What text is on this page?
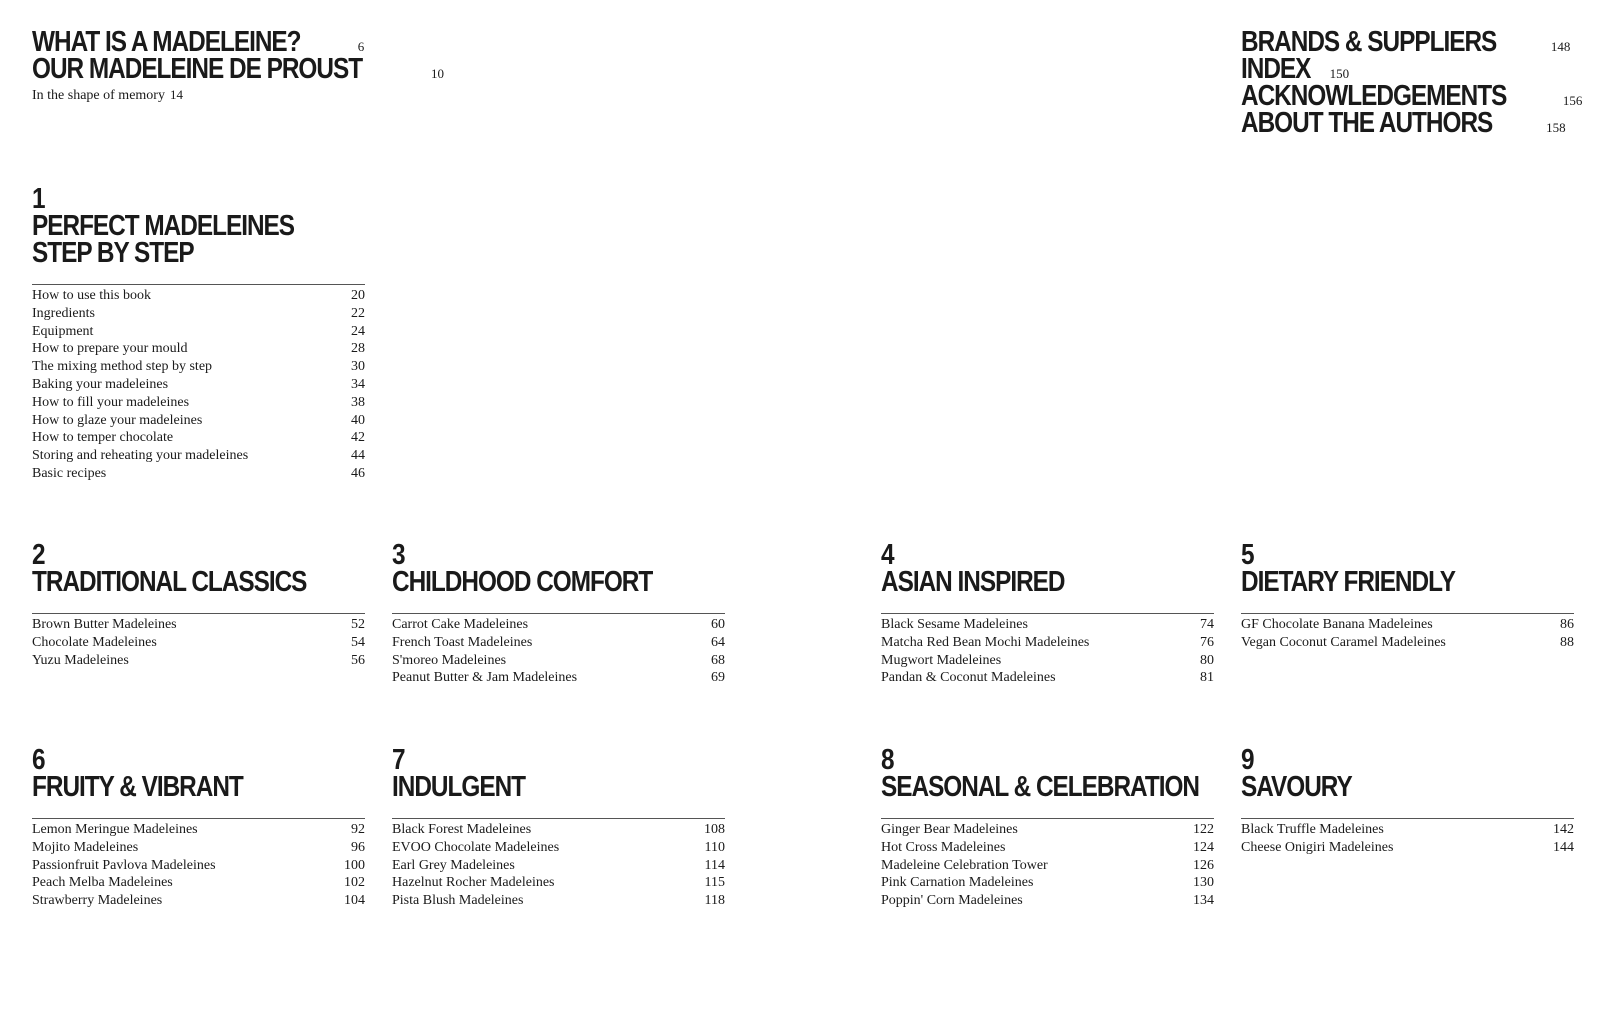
WHAT IS A MADELEINE?	6
OUR MADELEINE DE PROUST	10
In the shape of memory 14
BRANDS & SUPPLIERS	148
INDEX 150
ACKNOWLEDGEMENTS	156
ABOUT THE AUTHORS	158
1
PERFECT MADELEINES
STEP BY STEP
How to use this book	20
Ingredients	22
Equipment	24
How to prepare your mould	28
The mixing method step by step	30
Baking your madeleines	34
How to fill your madeleines	38
How to glaze your madeleines	40
How to temper chocolate	42
Storing and reheating your madeleines	44
Basic recipes	46
2
TRADITIONAL CLASSICS
Brown Butter Madeleines	52
Chocolate Madeleines	54
Yuzu Madeleines	56
3
CHILDHOOD COMFORT
Carrot Cake Madeleines	60
French Toast Madeleines	64
S'moreo Madeleines	68
Peanut Butter & Jam Madeleines	69
4
ASIAN INSPIRED
Black Sesame Madeleines	74
Matcha Red Bean Mochi Madeleines	76
Mugwort Madeleines	80
Pandan & Coconut Madeleines	81
5
DIETARY FRIENDLY
GF Chocolate Banana Madeleines	86
Vegan Coconut Caramel Madeleines	88
6
FRUITY & VIBRANT
Lemon Meringue Madeleines	92
Mojito Madeleines	96
Passionfruit Pavlova Madeleines	100
Peach Melba Madeleines	102
Strawberry Madeleines	104
7
INDULGENT
Black Forest Madeleines	108
EVOO Chocolate Madeleines	110
Earl Grey Madeleines	114
Hazelnut Rocher Madeleines	115
Pista Blush Madeleines	118
8
SEASONAL & CELEBRATION
Ginger Bear Madeleines	122
Hot Cross Madeleines	124
Madeleine Celebration Tower	126
Pink Carnation Madeleines	130
Poppin' Corn Madeleines	134
9
SAVOURY
Black Truffle Madeleines	142
Cheese Onigiri Madeleines	144
